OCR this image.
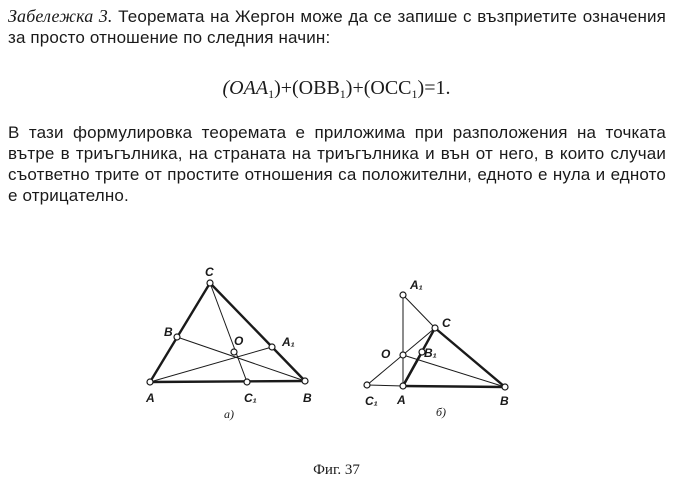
Забележка 3. Теоремата на Жергон може да се запише с възприетите означения за просто отношение по следния начин:
$(OAA_1)+(OBB_1)+(OCC_1)=1$.
В тази формулировка теоремата е приложима при разположения на точката вътре в триъгълника, на страната на триъгълника и вън от него, в които случаи съответно трите от простите отношения са положителни, едното е нула и едното е отрицателно.
A	B
C
A₁
B
C₁
O
а)
A	B
C
A₁
B₁
C₁
O
б)
Фиг. 37
